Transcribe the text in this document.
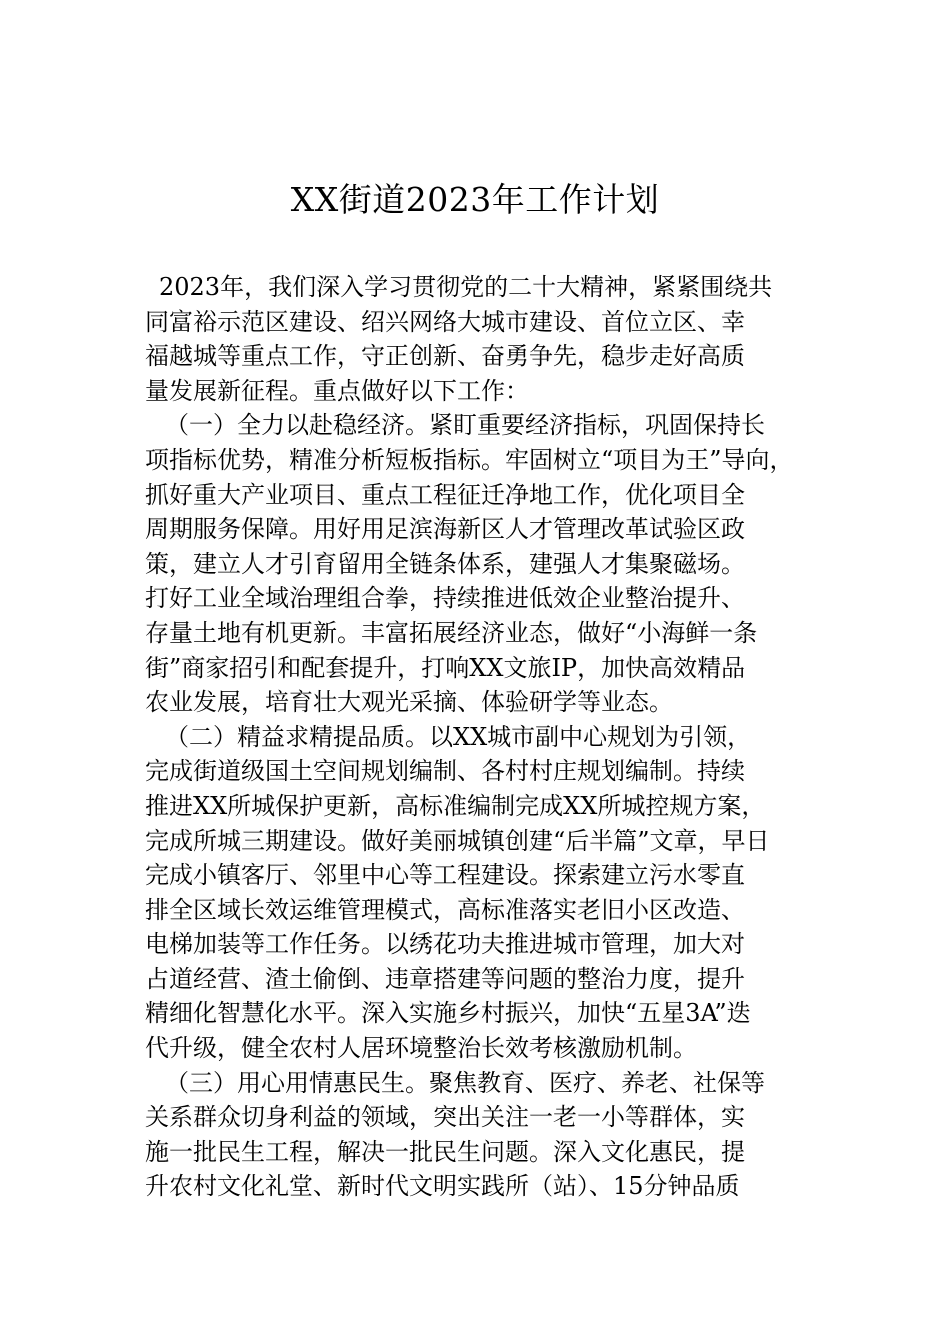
XX街道2023年工作计划

2023年，我们深入学习贯彻党的二十大精神，紧紧围绕共
同富裕示范区建设、绍兴网络大城市建设、首位立区、幸
福越城等重点工作，守正创新、奋勇争先，稳步走好高质
量发展新征程。重点做好以下工作：

（一）全力以赴稳经济。紧盯重要经济指标，巩固保持长
项指标优势，精准分析短板指标。牢固树立“项目为王”导向，
抓好重大产业项目、重点工程征迁净地工作，优化项目全
周期服务保障。用好用足滨海新区人才管理改革试验区政
策，建立人才引育留用全链条体系，建强人才集聚磁场。
打好工业全域治理组合拳，持续推进低效企业整治提升、
存量土地有机更新。丰富拓展经济业态，做好“小海鲜一条
街”商家招引和配套提升，打响XX文旅IP，加快高效精品
农业发展，培育壮大观光采摘、体验研学等业态。

（二）精益求精提品质。以XX城市副中心规划为引领，
完成街道级国土空间规划编制、各村村庄规划编制。持续
推进XX所城保护更新，高标准编制完成XX所城控规方案，
完成所城三期建设。做好美丽城镇创建“后半篇”文章，早日
完成小镇客厅、邻里中心等工程建设。探索建立污水零直
排全区域长效运维管理模式，高标准落实老旧小区改造、
电梯加装等工作任务。以绣花功夫推进城市管理，加大对
占道经营、渣土偷倒、违章搭建等问题的整治力度，提升
精细化智慧化水平。深入实施乡村振兴，加快“五星3A”迭
代升级，健全农村人居环境整治长效考核激励机制。

（三）用心用情惠民生。聚焦教育、医疗、养老、社保等
关系群众切身利益的领域，突出关注一老一小等群体，实
施一批民生工程，解决一批民生问题。深入文化惠民，提
升农村文化礼堂、新时代文明实践所（站）、15分钟品质
